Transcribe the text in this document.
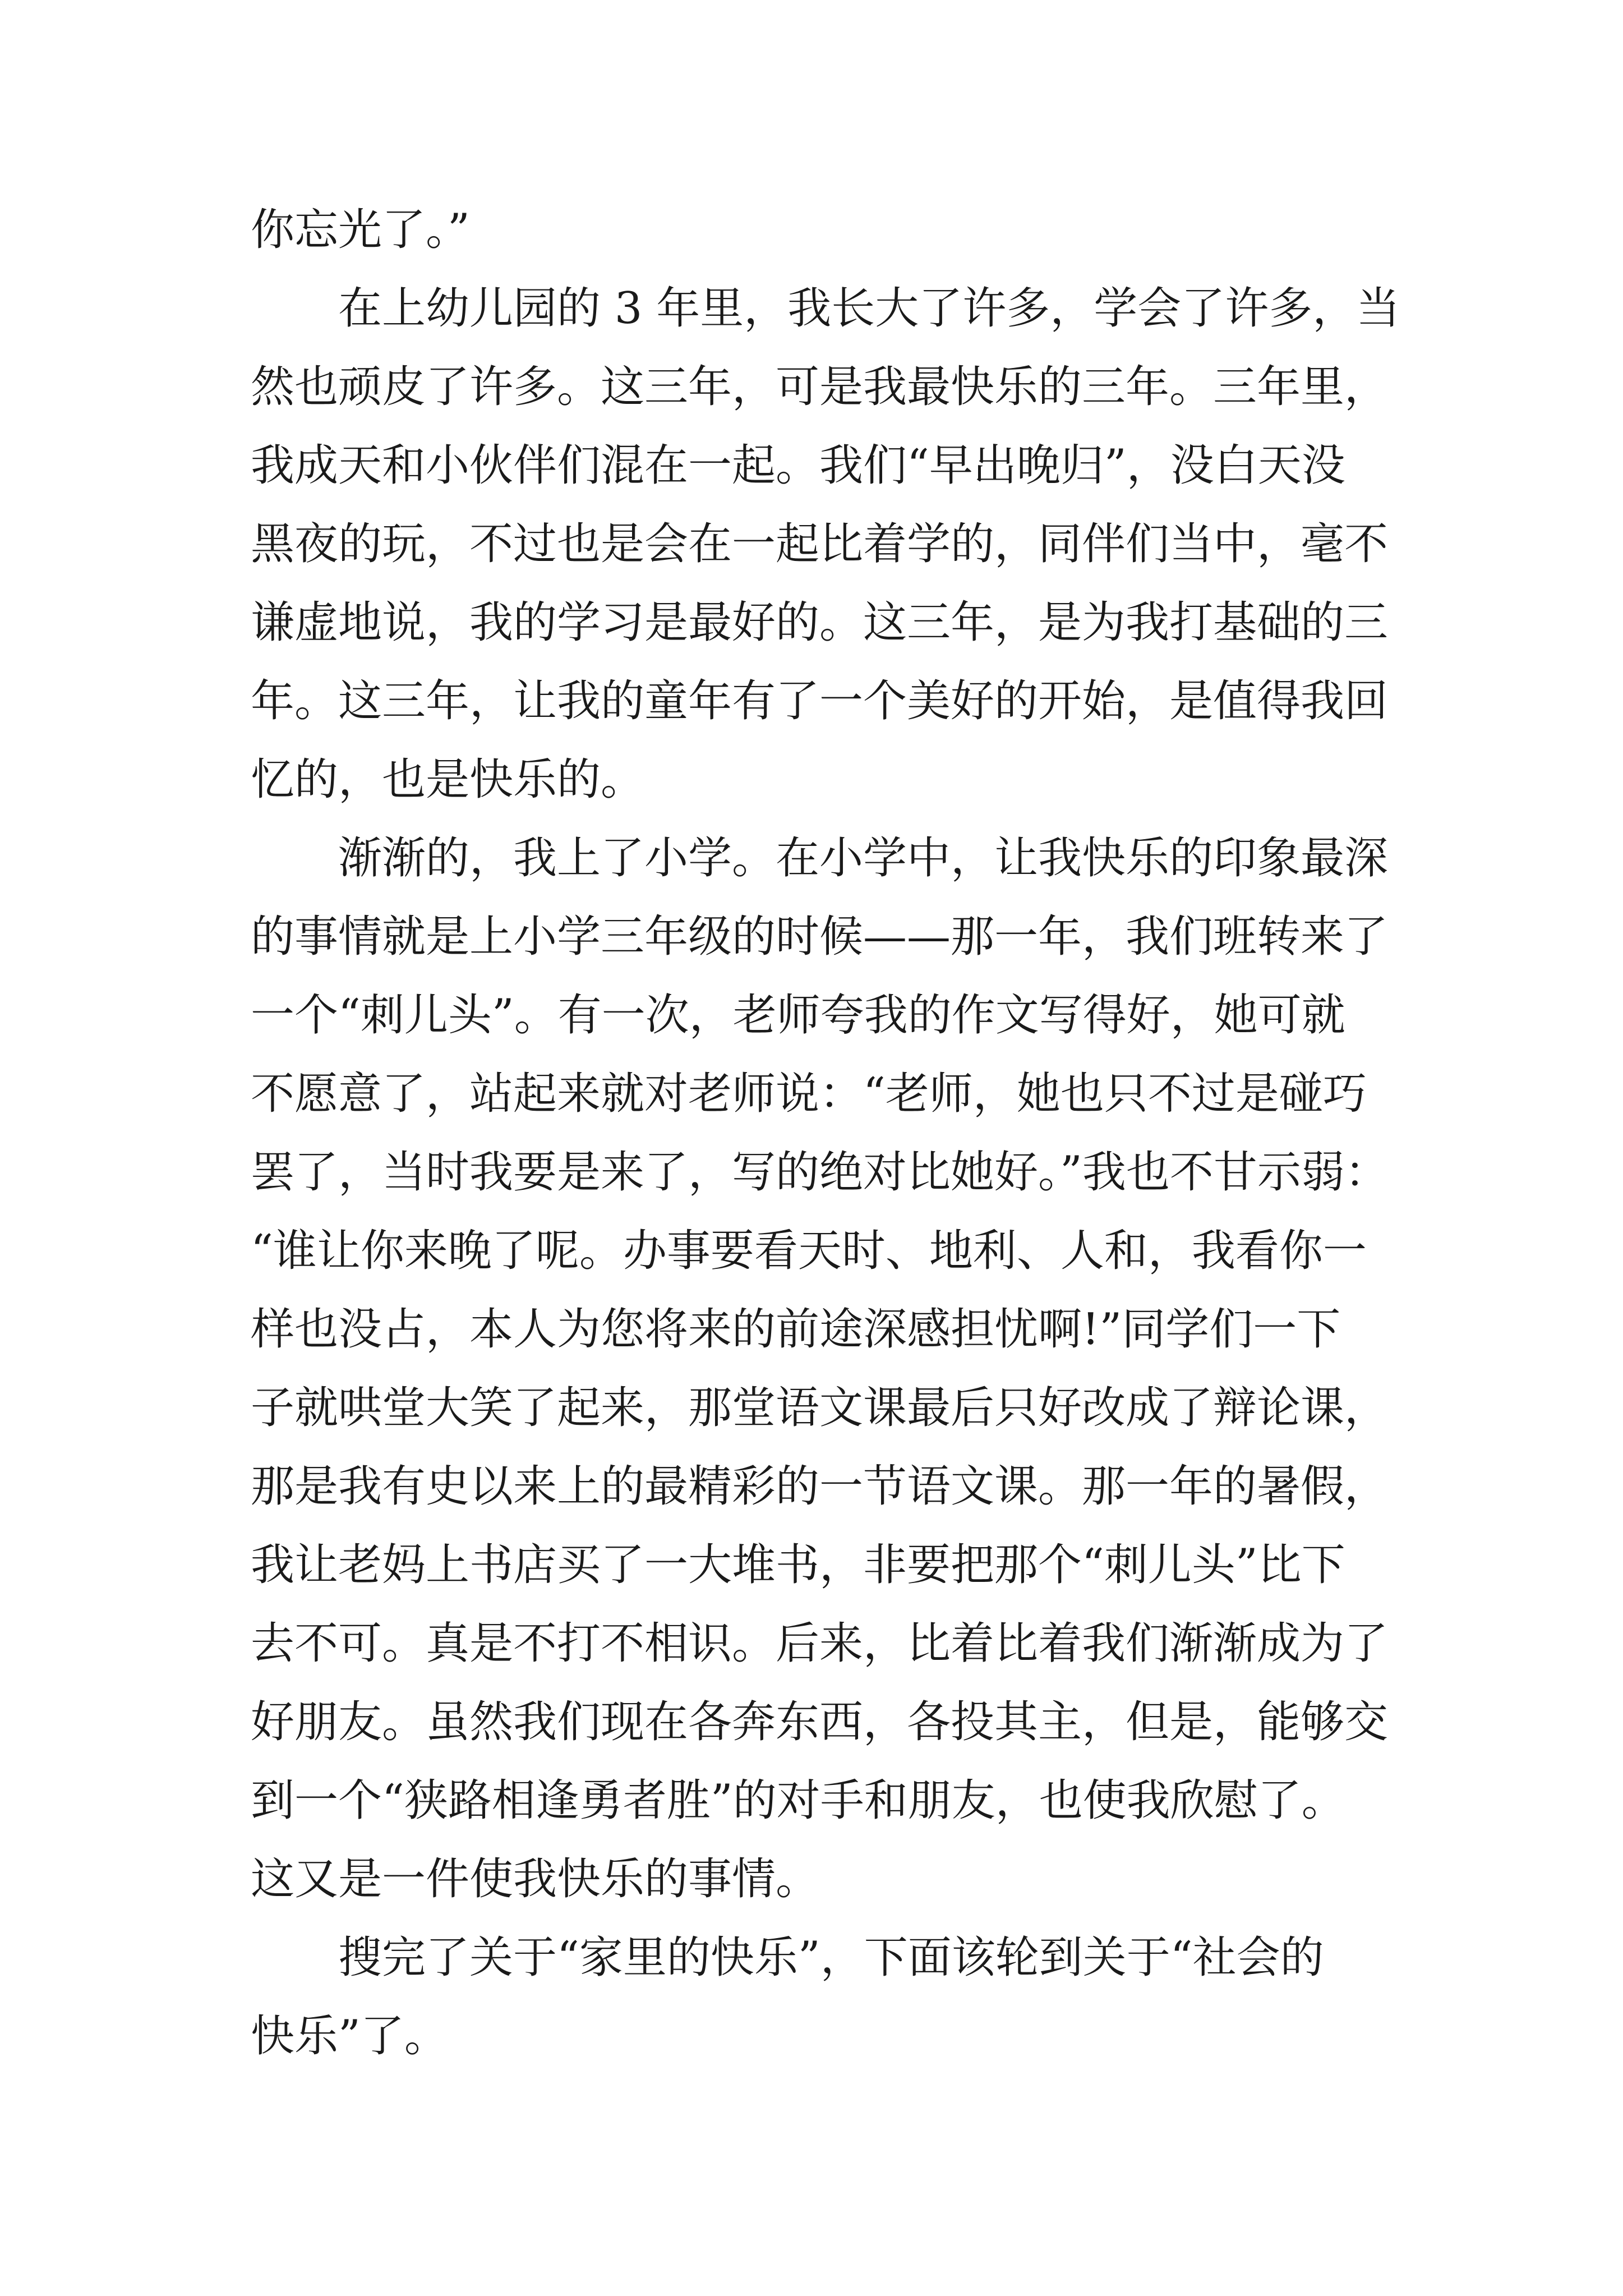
你忘光了。”
在上幼儿园的 3 年里，我长大了许多，学会了许多，当
然也顽皮了许多。这三年，可是我最快乐的三年。三年里，
我成天和小伙伴们混在一起。我们“早出晚归”，没白天没
黑夜的玩，不过也是会在一起比着学的，同伴们当中，毫不
谦虚地说，我的学习是最好的。这三年，是为我打基础的三
年。这三年，让我的童年有了一个美好的开始，是值得我回
忆的，也是快乐的。
渐渐的，我上了小学。在小学中，让我快乐的印象最深
的事情就是上小学三年级的时候——那一年，我们班转来了
一个“刺儿头”。有一次，老师夸我的作文写得好，她可就
不愿意了，站起来就对老师说：“老师，她也只不过是碰巧
罢了，当时我要是来了，写的绝对比她好。”我也不甘示弱：
“谁让你来晚了呢。办事要看天时、地利、人和，我看你一
样也没占，本人为您将来的前途深感担忧啊!”同学们一下
子就哄堂大笑了起来，那堂语文课最后只好改成了辩论课，
那是我有史以来上的最精彩的一节语文课。那一年的暑假，
我让老妈上书店买了一大堆书，非要把那个“刺儿头”比下
去不可。真是不打不相识。后来，比着比着我们渐渐成为了
好朋友。虽然我们现在各奔东西，各投其主，但是，能够交
到一个“狭路相逢勇者胜”的对手和朋友，也使我欣慰了。
这又是一件使我快乐的事情。
搜完了关于“家里的快乐”，下面该轮到关于“社会的
快乐”了。
